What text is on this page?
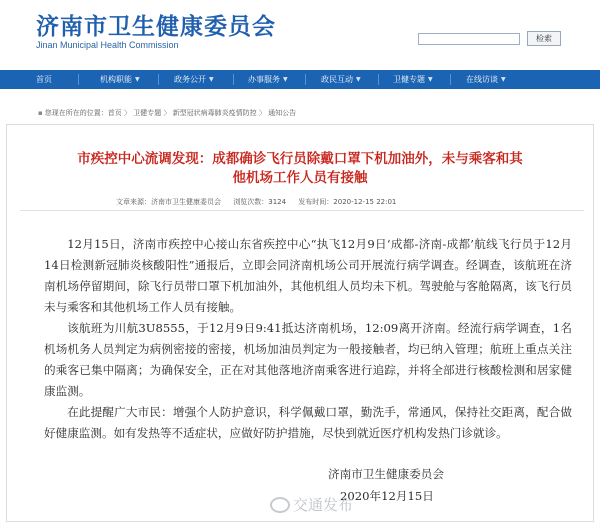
济南市卫生健康委员会
Jinan Municipal Health Commission
检索
首页	机构职能 ▼	政务公开 ▼	办事服务 ▼	政民互动 ▼	卫健专题 ▼	在线访谈 ▼
▪ 您现在所在的位置：首页 〉 卫健专题 〉 新型冠状病毒肺炎疫情防控 〉 通知公告
市疾控中心流调发现：成都确诊飞行员除戴口罩下机加油外，未与乘客和其
他机场工作人员有接触
文章来源：济南市卫生健康委员会 浏览次数：3124 发布时间：2020-12-15 22:01

12月15日，济南市疾控中心接山东省疾控中心“执飞12月9日‘成都-济南-成都’航线飞行员于12月14日检测新冠肺炎核酸阳性”通报后，立即会同济南机场公司开展流行病学调查。经调查，该航班在济南机场停留期间，除飞行员带口罩下机加油外，其他机组人员均未下机。驾驶舱与客舱隔离，该飞行员未与乘客和其他机场工作人员有接触。

该航班为川航3U8555，于12月9日9:41抵达济南机场，12:09离开济南。经流行病学调查，1名机场机务人员判定为病例密接的密接，机场加油员判定为一般接触者，均已纳入管理；航班上重点关注的乘客已集中隔离；为确保安全，正在对其他落地济南乘客进行追踪，并将全部进行核酸检测和居家健康监测。

在此提醒广大市民：增强个人防护意识，科学佩戴口罩，勤洗手，常通风，保持社交距离，配合做好健康监测。如有发热等不适症状，应做好防护措施，尽快到就近医疗机构发热门诊就诊。

济南市卫生健康委员会
2020年12月15日
交通发布
